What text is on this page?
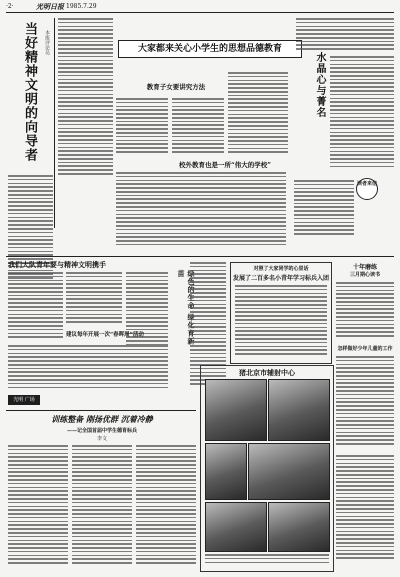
·2·	光明日报 1985.7.29
当好精神文明的向导者	本报评论员	大家都来关心小学生的思想品德教育
教育子女要讲究方法
校外教育也是一所“伟大的学校”
水晶心与菁名
读者来信
我们大队青年要与精神文明携手
建议每年开展一次“春晖周”活动
光明 广场
绿化 苗
对照了大家同学的心里话
发展了二百多名小青年学习标兵入团
十年磨练
三月期心读书
怎样做好少年儿童的工作
猪北京市辅射中心
训练整备 刚扬优群 沉着冷静
——记全国首届中学生德育标兵
李文
